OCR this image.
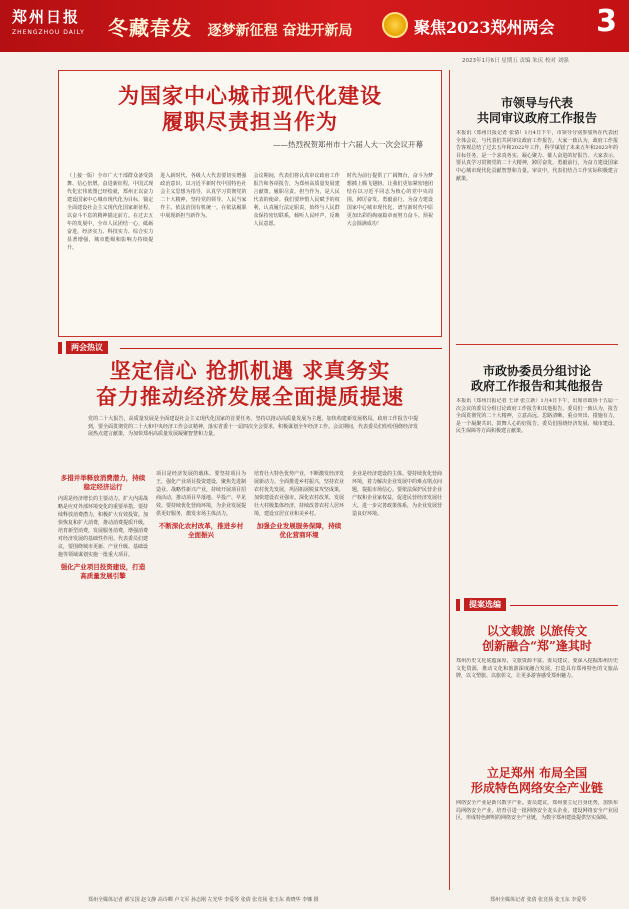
郑州日报
ZHENGZHOU DAILY 冬藏春发 逐梦新征程 奋进开新局	聚焦2023郑州两会 3
2023年1月6日 星期五 责编 朱庆 校对 刘强
为国家中心城市现代化建设
履职尽责担当作为
——热烈祝贺郑州市十六届人大一次会议开幕
（上接一版）全市广大干部群众备受鼓舞、信心倍增。奋进新征程，中国式现代化宏伟蓝图已经绘就，郑州正以奋力建设国家中心城市现代化为目标，锚定全面建设社会主义现代化国家新征程，以奋斗不息的精神锚定前方。在过去五年的发展中，全市人民团结一心，砥砺奋进，经济实力、科技实力、综合实力显著增强，城市能级和影响力持续提升。
进入新时代，各级人大代表要切实增强政治意识，以习近平新时代中国特色社会主义思想为指导，认真学习贯彻党的二十大精神，坚持党的领导、人民当家作主、依法治国有机统一，在依法履职中展现新担当新作为。
会议期间，代表们将认真审议政府工作报告和各项报告，为郑州高质量发展建言献策。履职尽责、担当作为，是人民代表的使命。我们要珍惜人民赋予的权利，认真履行法定职责，始终与人民群众保持密切联系，倾听人民呼声，反映人民意愿。
时代为前行提供了广阔舞台，奋斗为梦想插上腾飞翅膀。让我们更加紧密地团结在以习近平同志为核心的党中央周围，踔厉奋发、勇毅前行，为奋力建设国家中心城市现代化、谱写新时代中原更加出彩的绚丽篇章而努力奋斗。预祝大会圆满成功！
两会热议
坚定信心 抢抓机遇 求真务实
奋力推动经济发展全面提质提速
党的二十大报告，高质量发展是全面建设社会主义现代化国家的首要任务。坚持以推动高质量发展为主题，加快构建新发展格局。政府工作报告中提到，要全面贯彻党的二十大和中央经济工作会议精神，落实省委十一届四次全会要求，积极谋划全年经济工作。会议期间，代表委员们纷纷围绕经济发展热点建言献策，为加快郑州高质量发展凝聚智慧和力量。
多措并举释放消费潜力，持续稳定经济运行
内需是经济增长的主要动力。扩大内需战略是应对外部环境变化的重要举措。要持续释放消费潜力，积极扩大有效投资。加快恢复和扩大消费，推动消费提质升级，培育新型消费，发展服务消费，增强消费对经济发展的基础性作用。代表委员们建议，要围绕城市更新、产业升级、基础设施等领域谋划实施一批重大项目。
强化产业项目投资建设，打造高质量发展引擎
项目是经济发展的载体。要坚持项目为王，强化产业项目投资建设，聚焦先进制造业、战略性新兴产业，持续开展项目招商活动，推动项目早落地、早投产、早见效。要持续优化营商环境，为企业发展提供更好服务，激发市场主体活力。
不断深化农村改革，推进乡村全面振兴
培育壮大特色优势产业，不断激发经济发展新动力。全面推进乡村振兴，坚持农业农村优先发展，巩固拓展脱贫攻坚成果，加快建设农业强市。深化农村改革，发展壮大村级集体经济，持续改善农村人居环境，建设宜居宜业和美乡村。
加强企业发展服务保障，持续优化营商环境
企业是经济建设的主体。要持续优化营商环境，着力解决企业发展中的难点堵点问题，提振市场信心。要依法保护民营企业产权和企业家权益，促进民营经济发展壮大。进一步完善政策体系，为企业发展营造良好环境。
市领导与代表
共同审议政府工作报告
本报讯（郑州日报记者 张倩）1月4日下午，市领导分别参加所在代表团全体会议，与代表们共同审议政府工作报告。大家一致认为，政府工作报告客观总结了过去五年和2022年工作，科学谋划了未来五年和2023年的目标任务，是一个求真务实、凝心聚力、催人奋进的好报告。大家表示，要认真学习贯彻党的二十大精神，踔厉奋发，勇毅前行，为奋力建设国家中心城市现代化贡献智慧和力量。审议中，代表们结合工作实际积极建言献策。
市政协委员分组讨论
政府工作报告和其他报告
本报讯（郑州日报记者 王译 张立新）1月4日下午，出席市政协十五届一次会议的委员分组讨论政府工作报告和其他报告。委员们一致认为，报告全面贯彻党的二十大精神，立意高远、思路清晰、重点突出、措施有力，是一个凝聚共识、鼓舞人心的好报告。委员们围绕经济发展、城市建设、民生保障等方面积极建言献策。
提案选编
以文载旅 以旅传文
创新融合“郑”逢其时
郑州历史文化底蕴深厚，文旅资源丰富。委员建议，要深入挖掘郑州历史文化资源，推动文化和旅游深度融合发展，打造具有郑州特色的文旅品牌，以文塑旅、以旅彰文，让更多游客感受郑州魅力。
立足郑州 布局全国
形成特色网络安全产业链
网络安全产业是新兴数字产业。委员建议，郑州要立足自身优势，加快布局网络安全产业，培育引进一批网络安全龙头企业，建设网络安全产业园区，形成特色鲜明的网络安全产业链，为数字郑州建设提供坚实保障。
郑州全媒体记者 郝宝国 赵文静 高诗卿 卢文军 孙志刚 左光华 李爱琴 张倩 张竞扬 张玉东 黄晓华 李娜 摄	郑州全媒体记者 张倩 张竞扬 张玉东 李爱琴
